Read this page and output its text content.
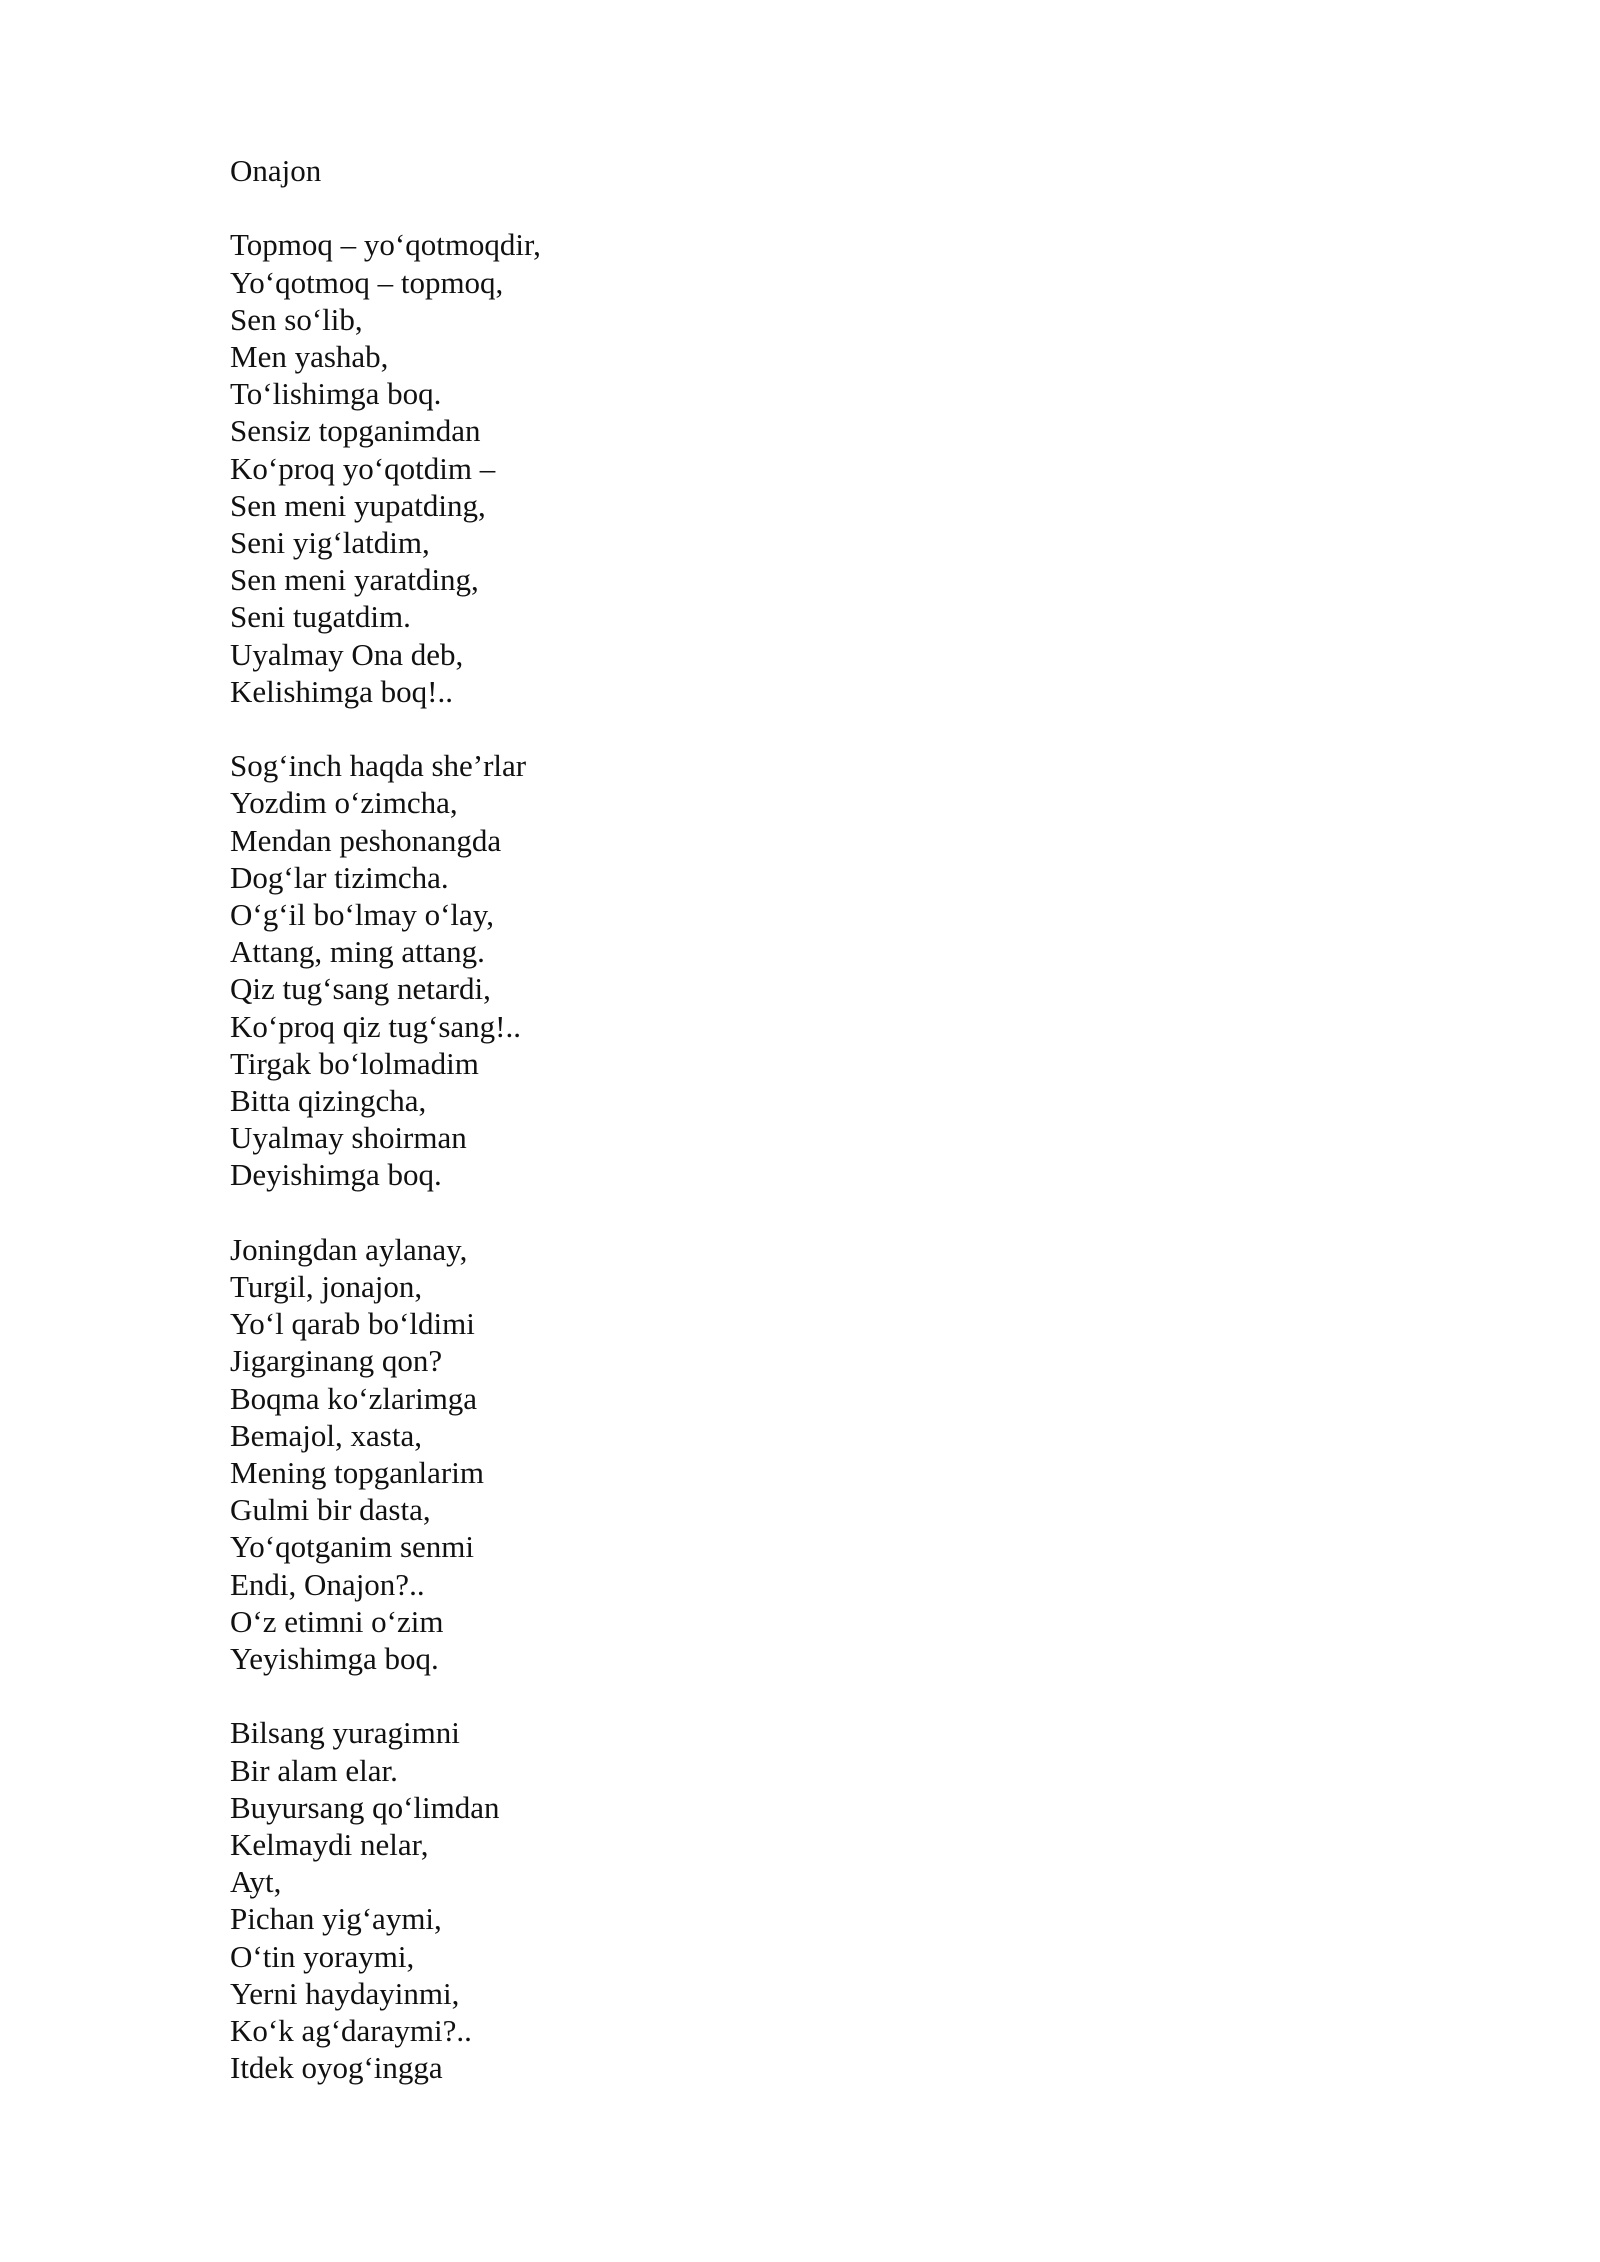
Onajon
Topmoq – yo‘qotmoqdir,
Yo‘qotmoq – topmoq,
Sen so‘lib,
Men yashab,
To‘lishimga boq.
Sensiz topganimdan
Ko‘proq yo‘qotdim –
Sen meni yupatding,
Seni yig‘latdim,
Sen meni yaratding,
Seni tugatdim.
Uyalmay Ona deb,
Kelishimga boq!..
Sog‘inch haqda she’rlar
Yozdim o‘zimcha,
Mendan peshonangda
Dog‘lar tizimcha.
O‘g‘il bo‘lmay o‘lay,
Attang, ming attang.
Qiz tug‘sang netardi,
Ko‘proq qiz tug‘sang!..
Tirgak bo‘lolmadim
Bitta qizingcha,
Uyalmay shoirman
Deyishimga boq.
Joningdan aylanay,
Turgil, jonajon,
Yo‘l qarab bo‘ldimi
Jigarginang qon?
Boqma ko‘zlarimga
Bemajol, xasta,
Mening topganlarim
Gulmi bir dasta,
Yo‘qotganim senmi
Endi, Onajon?..
O‘z etimni o‘zim
Yeyishimga boq.
Bilsang yuragimni
Bir alam elar.
Buyursang qo‘limdan
Kelmaydi nelar,
Ayt,
Pichan yig‘aymi,
O‘tin yoraymi,
Yerni haydayinmi,
Ko‘k ag‘daraymi?..
Itdek oyog‘ingga
